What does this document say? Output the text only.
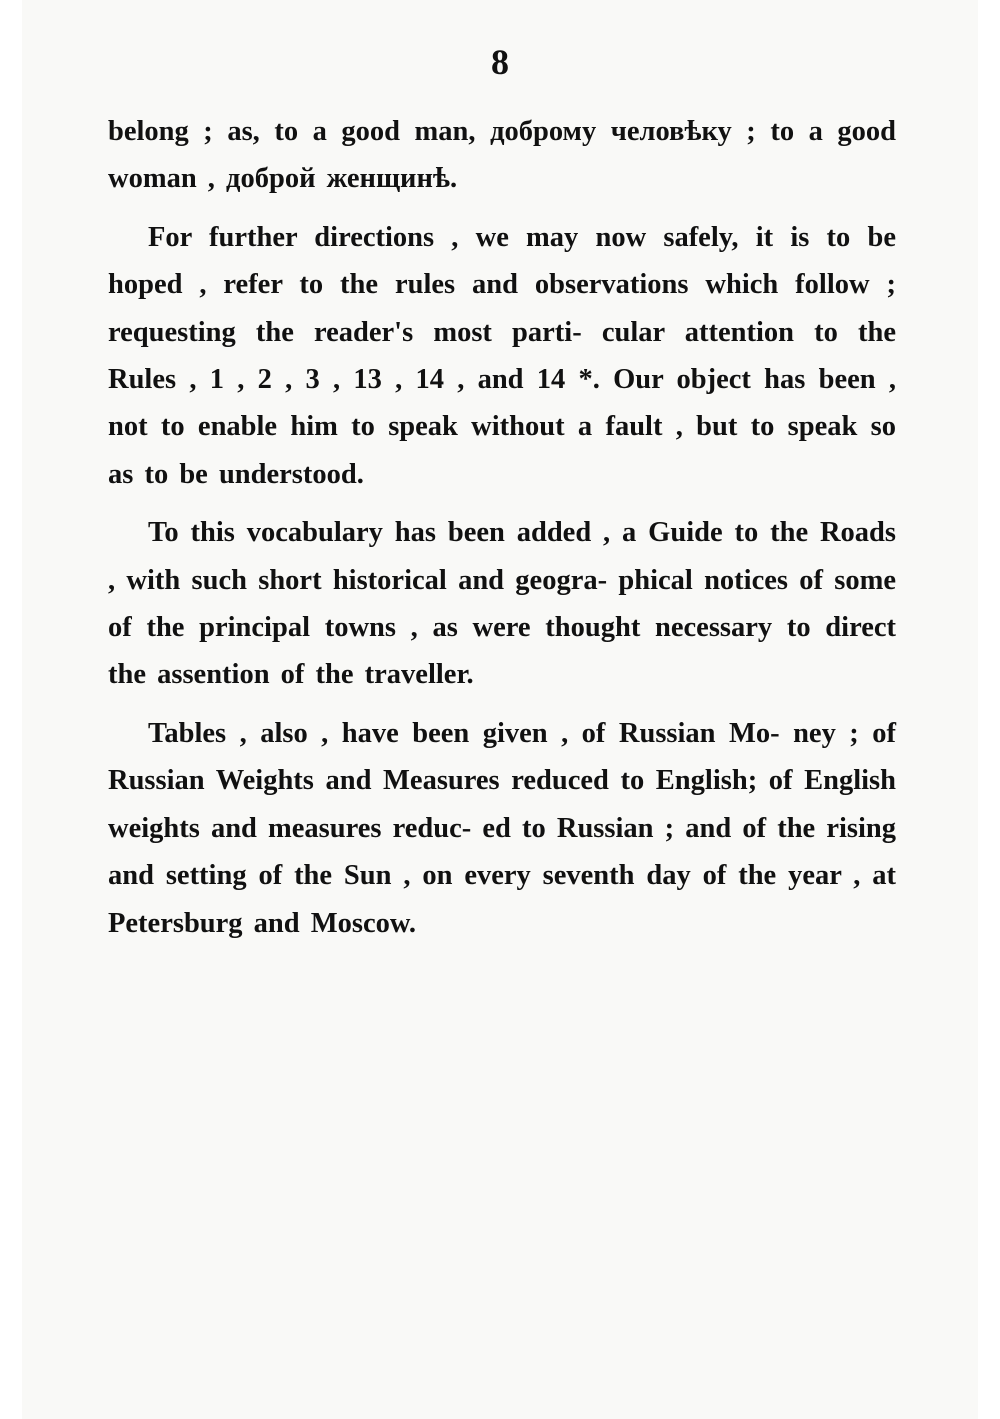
8

belong ; as, to a good man, доброму человѣку ; to a good woman , доброй женщинѣ.

For further directions , we may now safely, it is to be hoped , refer to the rules and observations which follow ; requesting the reader's most parti- cular attention to the Rules , 1 , 2 , 3 , 13 , 14 , and 14 *. Our object has been , not to enable him to speak without a fault , but to speak so as to be understood.

To this vocabulary has been added , a Guide to the Roads , with such short historical and geogra- phical notices of some of the principal towns , as were thought necessary to direct the assention of the traveller.

Tables , also , have been given , of Russian Mo- ney ; of Russian Weights and Measures reduced to English; of English weights and measures reduc- ed to Russian ; and of the rising and setting of the Sun , on every seventh day of the year , at Petersburg and Moscow.
